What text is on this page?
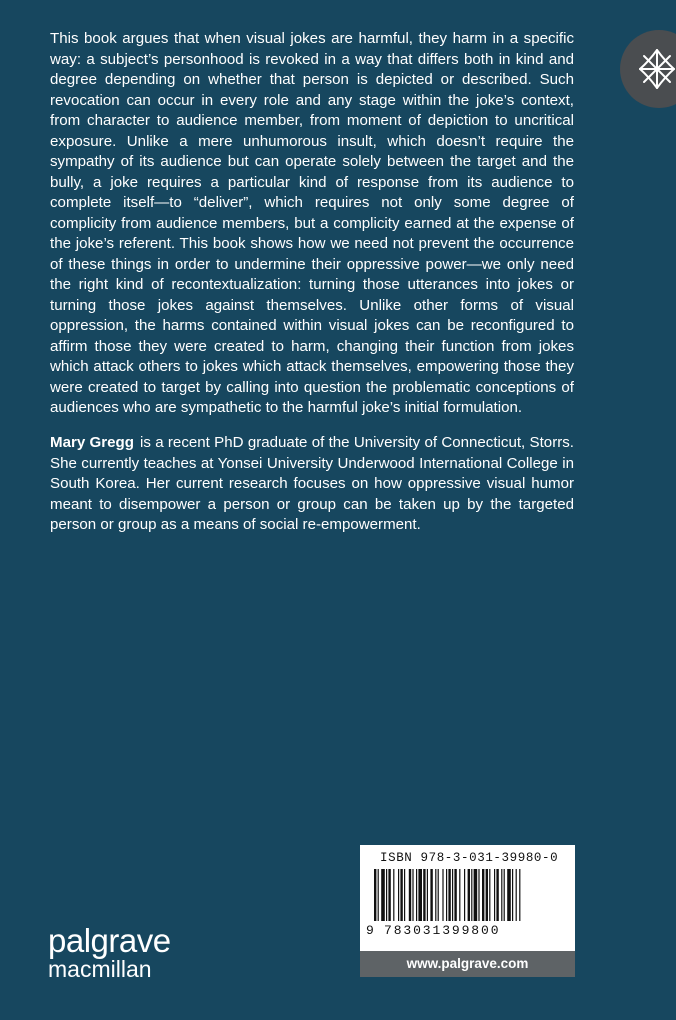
This book argues that when visual jokes are harmful, they harm in a specific way: a subject’s personhood is revoked in a way that differs both in kind and degree depending on whether that person is depicted or described. Such revocation can occur in every role and any stage within the joke’s context, from character to audience member, from moment of depiction to uncritical exposure. Unlike a mere unhumorous insult, which doesn’t require the sympathy of its audience but can operate solely between the target and the bully, a joke requires a particular kind of response from its audience to complete itself—to “deliver”, which requires not only some degree of complicity from audience members, but a complicity earned at the expense of the joke’s referent. This book shows how we need not prevent the occurrence of these things in order to undermine their oppressive power—we only need the right kind of recontextualization: turning those utterances into jokes or turning those jokes against themselves. Unlike other forms of visual oppression, the harms contained within visual jokes can be reconfigured to affirm those they were created to harm, changing their function from jokes which attack others to jokes which attack themselves, empowering those they were created to target by calling into question the problematic conceptions of audiences who are sympathetic to the harmful joke’s initial formulation.

Mary Gregg is a recent PhD graduate of the University of Connecticut, Storrs. She currently teaches at Yonsei University Underwood International College in South Korea. Her current research focuses on how oppressive visual humor meant to disempower a person or group can be taken up by the targeted person or group as a means of social re-empowerment.

palgrave
macmillan
ISBN 978-3-031-39980-0
9 783031399800
www.palgrave.com
